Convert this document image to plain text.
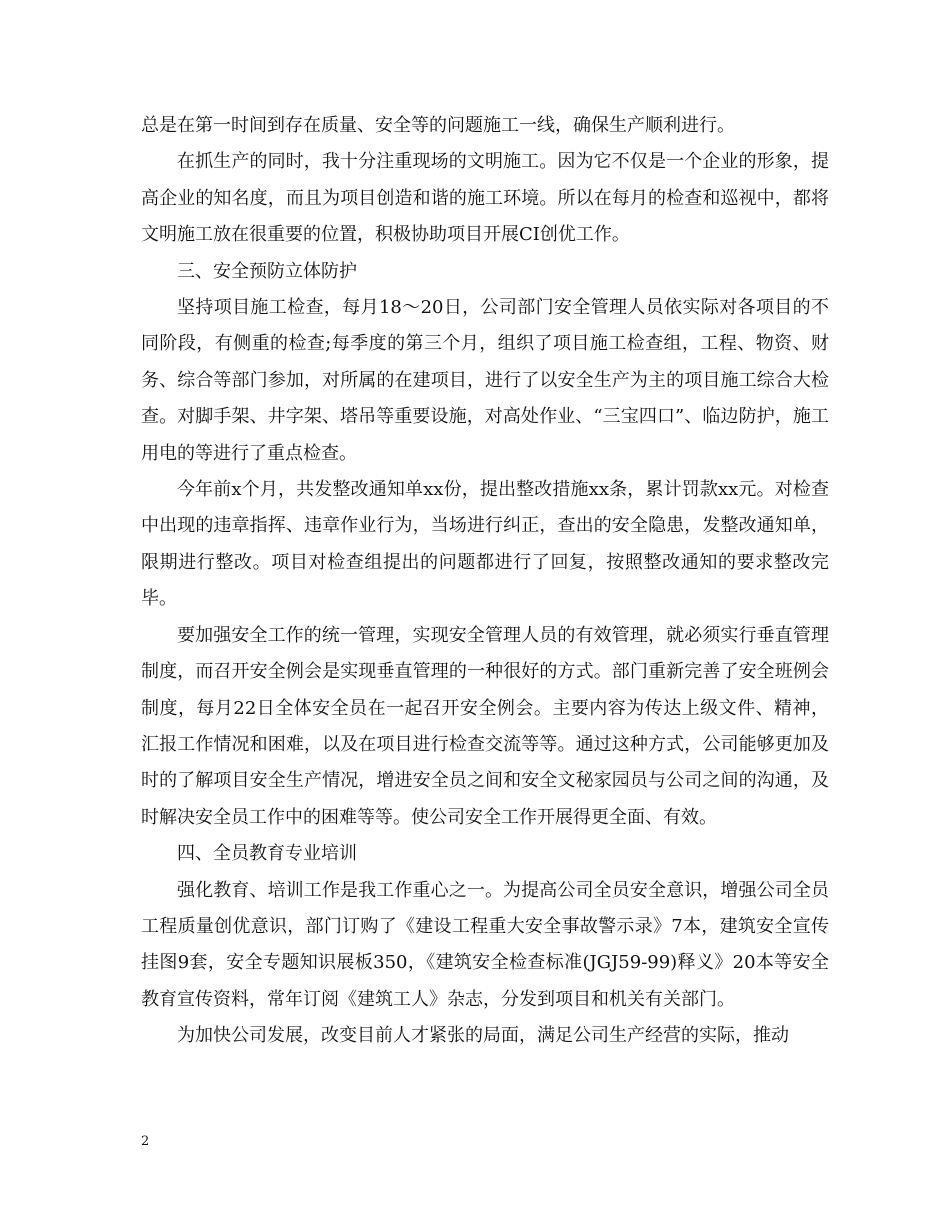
总是在第一时间到存在质量、安全等的问题施工一线，确保生产顺利进行。

在抓生产的同时，我十分注重现场的文明施工。因为它不仅是一个企业的形象，提高企业的知名度，而且为项目创造和谐的施工环境。所以在每月的检查和巡视中，都将文明施工放在很重要的位置，积极协助项目开展CI创优工作。

三、安全预防立体防护

坚持项目施工检查，每月18～20日，公司部门安全管理人员依实际对各项目的不同阶段，有侧重的检查;每季度的第三个月，组织了项目施工检查组，工程、物资、财务、综合等部门参加，对所属的在建项目，进行了以安全生产为主的项目施工综合大检查。对脚手架、井字架、塔吊等重要设施，对高处作业、“三宝四口”、临边防护，施工用电的等进行了重点检查。

今年前x个月，共发整改通知单xx份，提出整改措施xx条，累计罚款xx元。对检查中出现的违章指挥、违章作业行为，当场进行纠正，查出的安全隐患，发整改通知单，限期进行整改。项目对检查组提出的问题都进行了回复，按照整改通知的要求整改完毕。

要加强安全工作的统一管理，实现安全管理人员的有效管理，就必须实行垂直管理制度，而召开安全例会是实现垂直管理的一种很好的方式。部门重新完善了安全班例会制度，每月22日全体安全员在一起召开安全例会。主要内容为传达上级文件、精神，汇报工作情况和困难，以及在项目进行检查交流等等。通过这种方式，公司能够更加及时的了解项目安全生产情况，增进安全员之间和安全文秘家园员与公司之间的沟通，及时解决安全员工作中的困难等等。使公司安全工作开展得更全面、有效。

四、全员教育专业培训

强化教育、培训工作是我工作重心之一。为提高公司全员安全意识，增强公司全员工程质量创优意识，部门订购了《建设工程重大安全事故警示录》7本，建筑安全宣传挂图9套，安全专题知识展板350，《建筑安全检查标准(JGJ59-99)释义》20本等安全教育宣传资料，常年订阅《建筑工人》杂志，分发到项目和机关有关部门。

为加快公司发展，改变目前人才紧张的局面，满足公司生产经营的实际，推动

2
